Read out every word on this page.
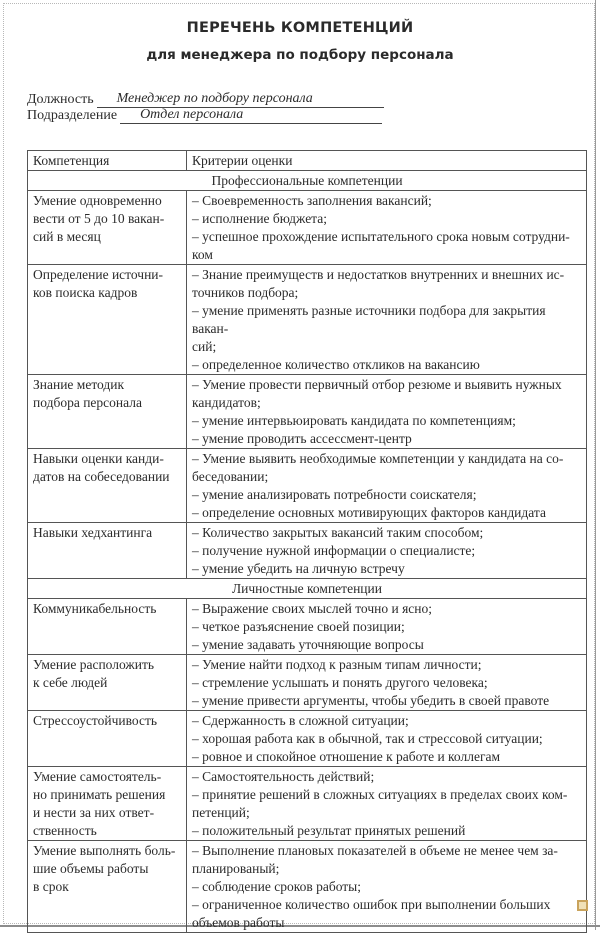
ПЕРЕЧЕНЬ КОМПЕТЕНЦИЙ
для менеджера по подбору персонала
Должность	Менеджер по подбору персонала
Подразделение	Отдел персонала
Компетенция	Критерии оценки
Профессиональные компетенции	

Умение одновременно
вести от 5 до 10 вакан-
сий в месяц	– Своевременность заполнения вакансий;
– исполнение бюджета;
– успешное прохождение испытательного срока новым сотрудни-
ком

Определение источни-
ков поиска кадров	– Знание преимуществ и недостатков внутренних и внешних ис-
точников подбора;
– умение применять разные источники подбора для закрытия вакан-
сий;
– определенное количество откликов на вакансию

Знание методик
подбора персонала	– Умение провести первичный отбор резюме и выявить нужных
кандидатов;
– умение интервьюировать кандидата по компетенциям;
– умение проводить ассессмент-центр

Навыки оценки канди-
датов на собеседовании	– Умение выявить необходимые компетенции у кандидата на со-
беседовании;
– умение анализировать потребности соискателя;
– определение основных мотивирующих факторов кандидата

Навыки хедхантинга	– Количество закрытых вакансий таким способом;
– получение нужной информации о специалисте;
– умение убедить на личную встречу

Личностные компетенции	

Коммуникабельность	– Выражение своих мыслей точно и ясно;
– четкое разъяснение своей позиции;
– умение задавать уточняющие вопросы

Умение расположить
к себе людей	– Умение найти подход к разным типам личности;
– стремление услышать и понять другого человека;
– умение привести аргументы, чтобы убедить в своей правоте

Стрессоустойчивость	– Сдержанность в сложной ситуации;
– хорошая работа как в обычной, так и стрессовой ситуации;
– ровное и спокойное отношение к работе и коллегам

Умение самостоятель-
но принимать решения
и нести за них ответ-
ственность	– Самостоятельность действий;
– принятие решений в сложных ситуациях в пределах своих ком-
петенций;
– положительный результат принятых решений

Умение выполнять боль-
шие объемы работы
в срок	– Выполнение плановых показателей в объеме не менее чем за-
планированый;
– соблюдение сроков работы;
– ограниченное количество ошибок при выполнении больших
объемов работы
